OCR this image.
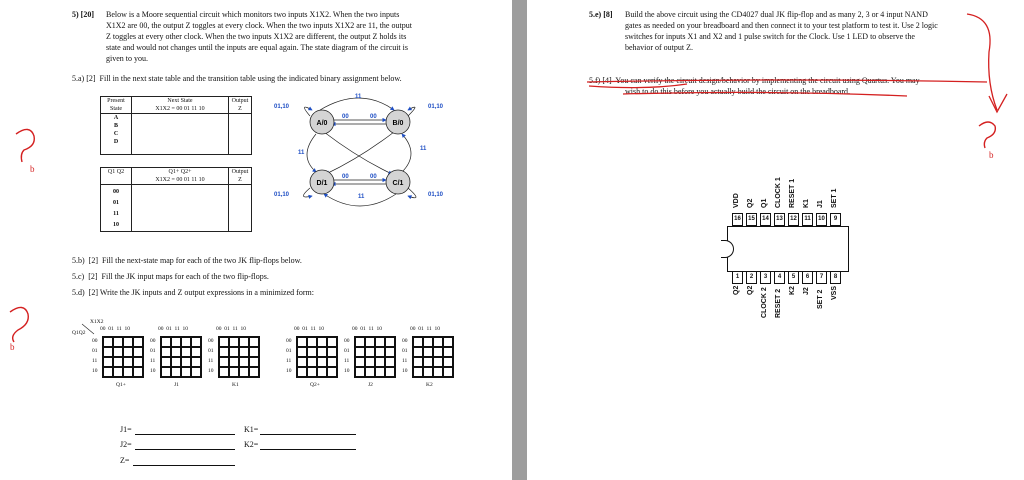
5) [20] Below is a Moore sequential circuit which monitors two inputs X1X2. When the two inputs
X1X2 are 00, the output Z toggles at every clock. When the two inputs X1X2 are 11, the output
Z toggles at every other clock. When the two inputs X1X2 are different, the output Z holds its
state and would not changes until the inputs are equal again. The state diagram of the circuit is
given to you.
5.a) [2]  Fill in the next state table and the transition table using the indicated binary assignment below.
Present
State	Next State
X1X2 = 00 01 11 10	Output
Z

A
B
C
D		

Q1 Q2	Q1+ Q2+
X1X2 = 00 01 11 10	Output
Z

00
01
11
10		

A/0	B/0
D/1	C/1
01,10	01,10
01,10	01,10
11
00	00
11
11
00	00
11
5.b)  [2]  Fill the next-state map for each of the two JK flip-flops below.
5.c)  [2]  Fill the JK input maps for each of the two flip-flops.
5.d)  [2] Write the JK inputs and Z output expressions in a minimized form:
X1X2
Q1Q2
00  01  11  10
00
01
11
10
Q1+
00  01  11  10
00
01
11
10
J1
00  01  11  10
00
01
11
10
K1
00  01  11  10
00
01
11
10
Q2+
00  01  11  10
00
01
11
10
J2
00  01  11  10
00
01
11
10
K2
J1=	K1=
J2=	K2=
Z=
b
b
5.e) [8] Build the above circuit using the CD4027 dual JK flip-flop and as many 2, 3 or 4 input NAND
gates as needed on your breadboard and then connect it to your test platform to test it. Use 2 logic
switches for inputs X1 and X2 and 1 pulse switch for the Clock. Use 1 LED to observe the
behavior of output Z.
5.f) [4]  You can verify the circuit design/behavior by implementing the circuit using Quartus. You may
wish to do this before you actually build the circuit on the breadboard.
b
16
VDD
15
Q2
14
Q1
13
CLOCK 1
12
RESET 1
11
K1
10
J1
9
SET 1
1
Q2
2
Q2
3
CLOCK 2
4
RESET 2
5
K2
6
J2
7
SET 2
8
VSS
